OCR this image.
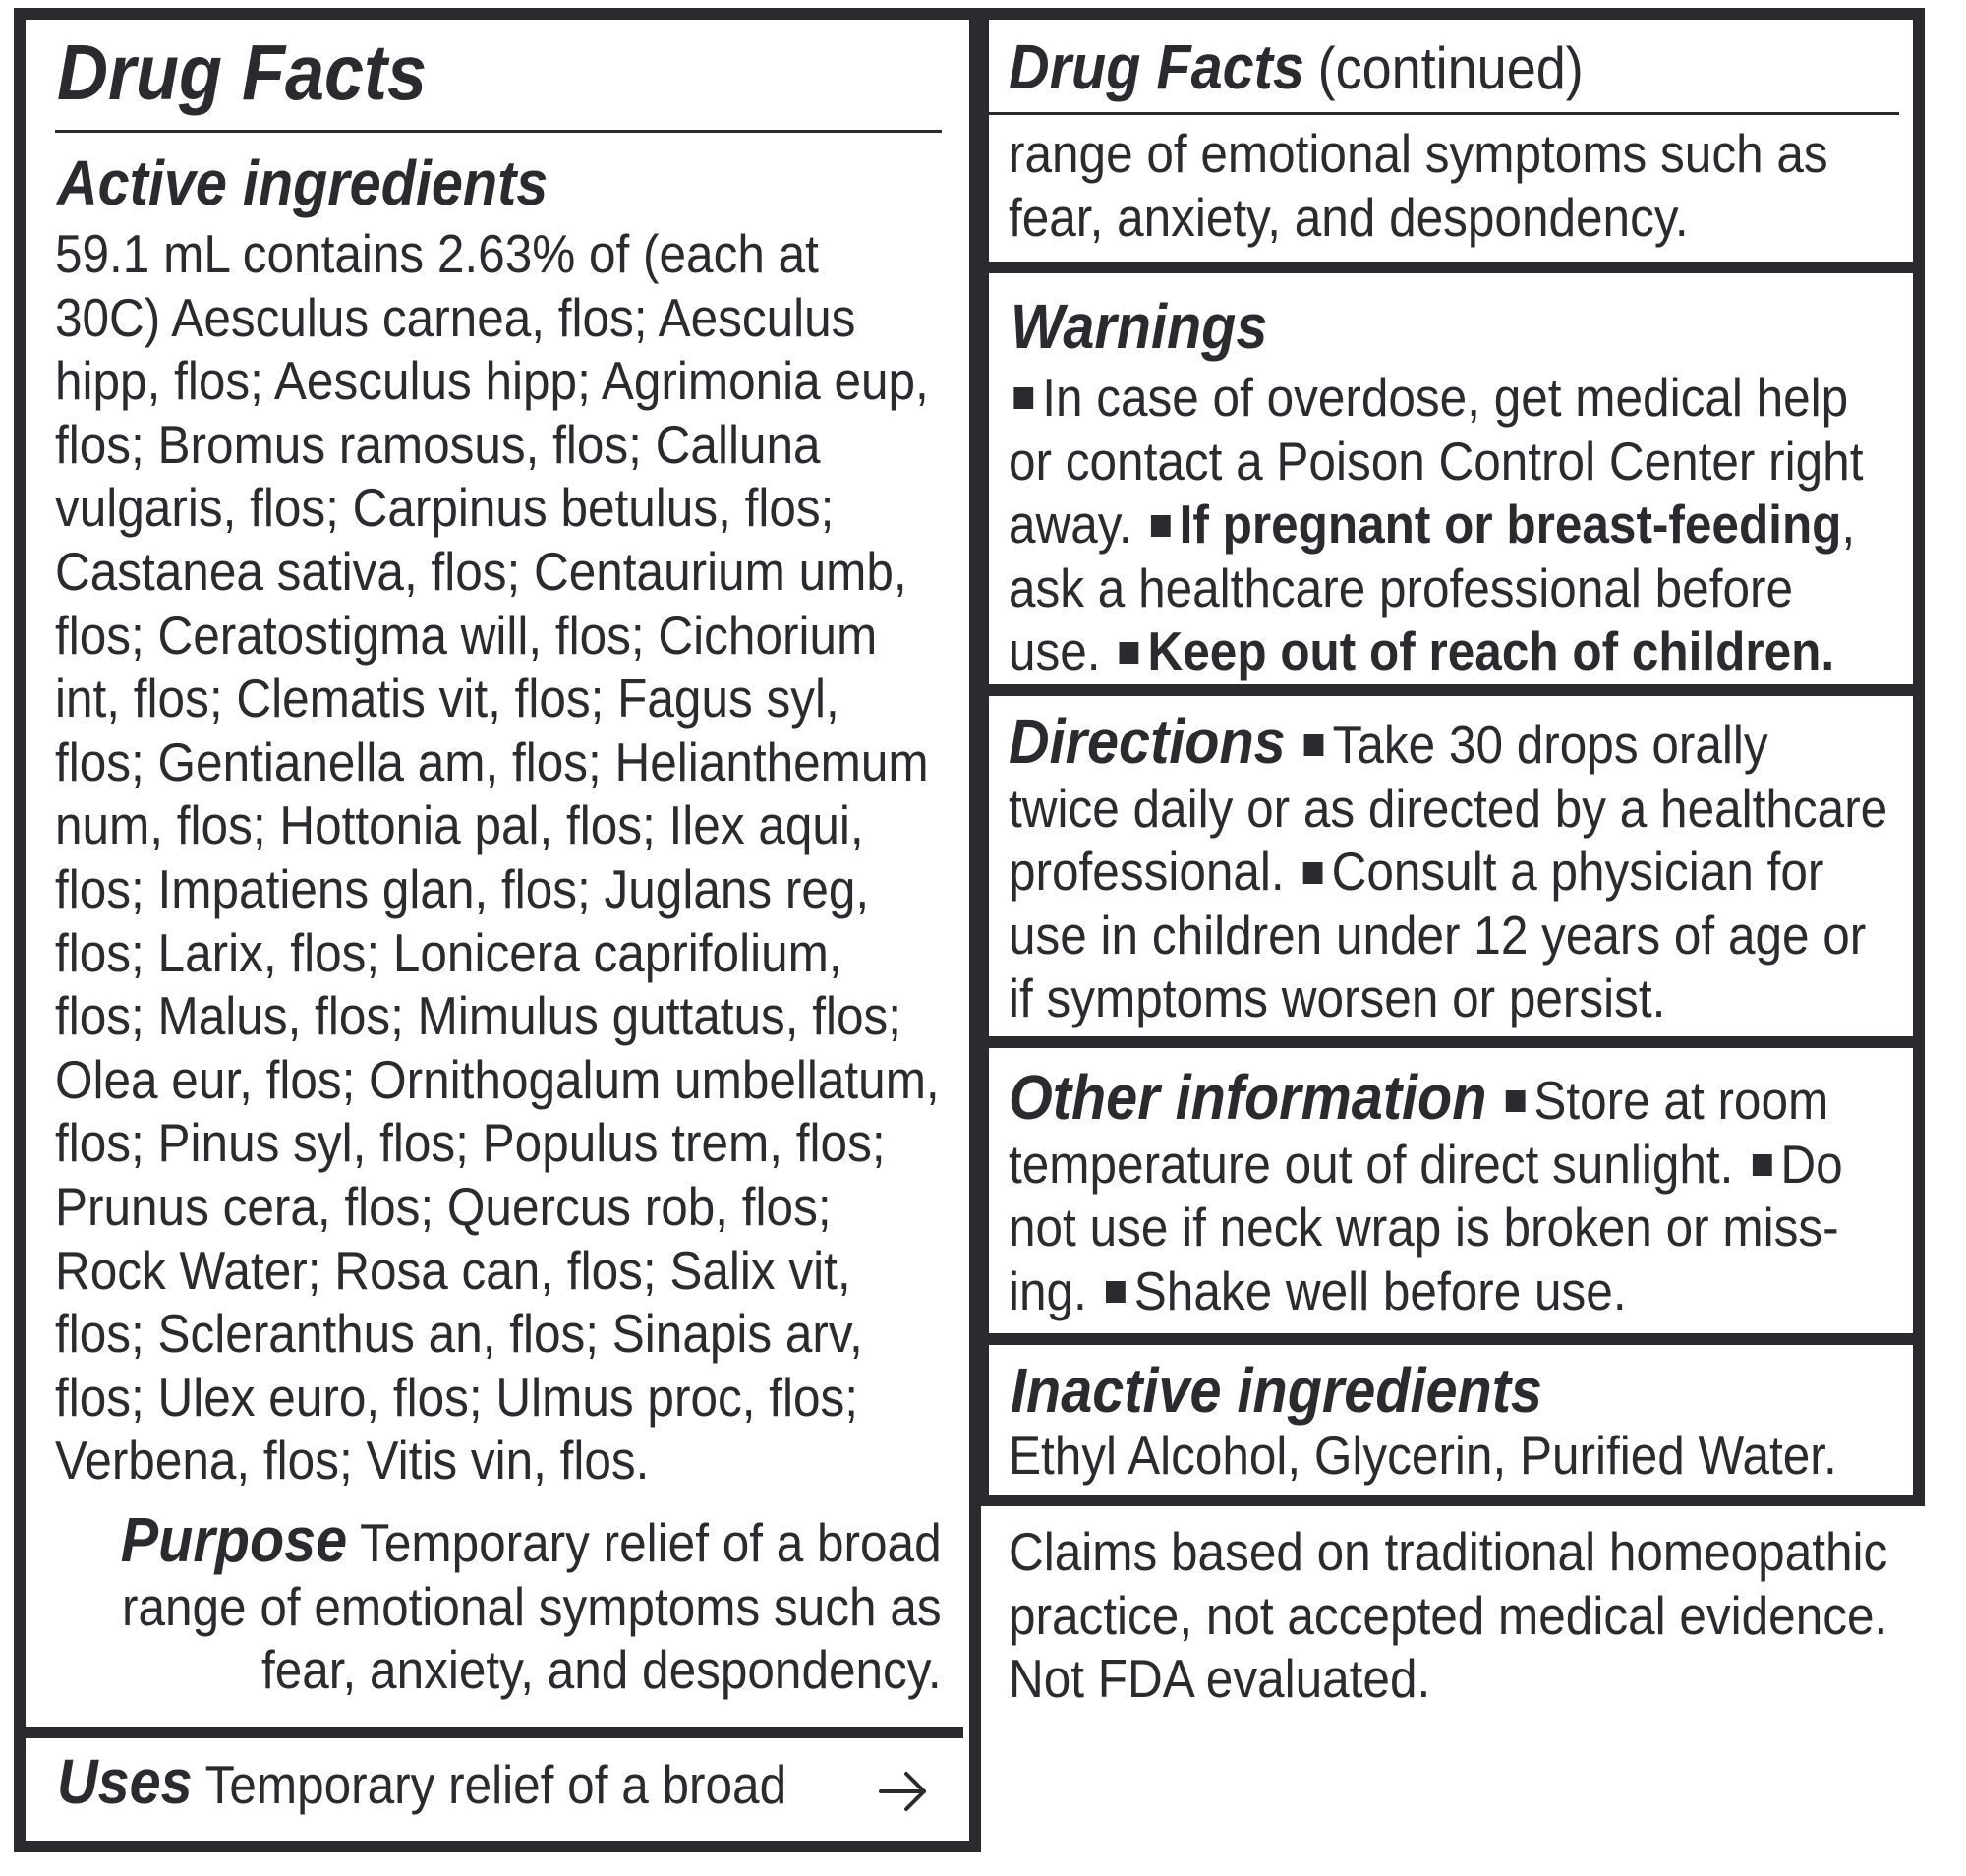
Drug Facts
Active ingredients

59.1 mL contains 2.63% of (each at

30C) Aesculus carnea, flos; Aesculus

hipp, flos; Aesculus hipp; Agrimonia eup,

flos; Bromus ramosus, flos; Calluna

vulgaris, flos; Carpinus betulus, flos;

Castanea sativa, flos; Centaurium umb,

flos; Ceratostigma will, flos; Cichorium

int, flos; Clematis vit, flos; Fagus syl,

flos; Gentianella am, flos; Helianthemum

num, flos; Hottonia pal, flos; Ilex aqui,

flos; Impatiens glan, flos; Juglans reg,

flos; Larix, flos; Lonicera caprifolium,

flos; Malus, flos; Mimulus guttatus, flos;

Olea eur, flos; Ornithogalum umbellatum,

flos; Pinus syl, flos; Populus trem, flos;

Prunus cera, flos; Quercus rob, flos;

Rock Water; Rosa can, flos; Salix vit,

flos; Scleranthus an, flos; Sinapis arv,

flos; Ulex euro, flos; Ulmus proc, flos;

Verbena, flos; Vitis vin, flos.

Purpose Temporary relief of a broad

range of emotional symptoms such as

fear, anxiety, and despondency.

Uses Temporary relief of a broad
Drug Facts (continued)

range of emotional symptoms such as

fear, anxiety, and despondency.

Warnings

In case of overdose, get medical help

or contact a Poison Control Center right

away. If pregnant or breast-feeding,

ask a healthcare professional before

use. Keep out of reach of children.

Directions Take 30 drops orally

twice daily or as directed by a healthcare

professional. Consult a physician for

use in children under 12 years of age or

if symptoms worsen or persist.

Other information Store at room

temperature out of direct sunlight. Do

not use if neck wrap is broken or miss-

ing. Shake well before use.

Inactive ingredients
Ethyl Alcohol, Glycerin, Purified Water.

Claims based on traditional homeopathic

practice, not accepted medical evidence.

Not FDA evaluated.
